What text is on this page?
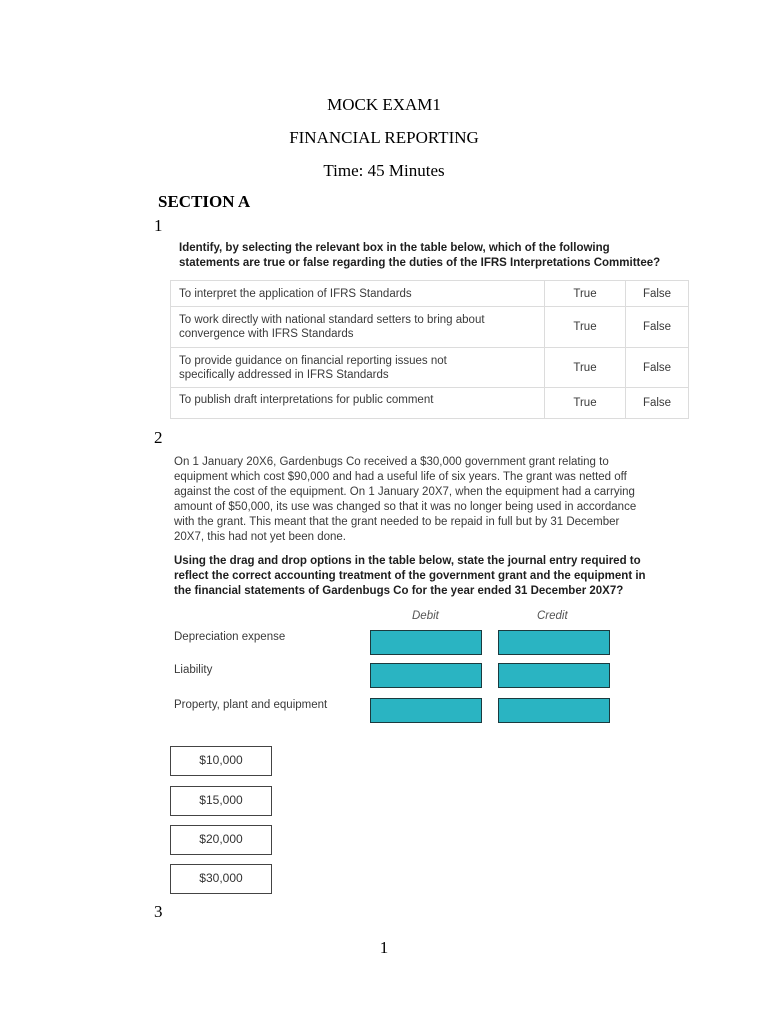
MOCK EXAM1
FINANCIAL REPORTING
Time: 45 Minutes
SECTION A
1
Identify, by selecting the relevant box in the table below, which of the following
statements are true or false regarding the duties of the IFRS Interpretations Committee?
To interpret the application of IFRS Standards	True	False

To work directly with national standard setters to bring about
convergence with IFRS Standards	True	False

To provide guidance on financial reporting issues not
specifically addressed in IFRS Standards	True	False
To publish draft interpretations for public comment	True	False
2
On 1 January 20X6, Gardenbugs Co received a $30,000 government grant relating to
equipment which cost $90,000 and had a useful life of six years. The grant was netted off
against the cost of the equipment. On 1 January 20X7, when the equipment had a carrying
amount of $50,000, its use was changed so that it was no longer being used in accordance
with the grant. This meant that the grant needed to be repaid in full but by 31 December
20X7, this had not yet been done.
Using the drag and drop options in the table below, state the journal entry required to
reflect the correct accounting treatment of the government grant and the equipment in
the financial statements of Gardenbugs Co for the year ended 31 December 20X7?
Debit	Credit
Depreciation expense
Liability
Property, plant and equipment
$10,000
$15,000
$20,000
$30,000
3
1
